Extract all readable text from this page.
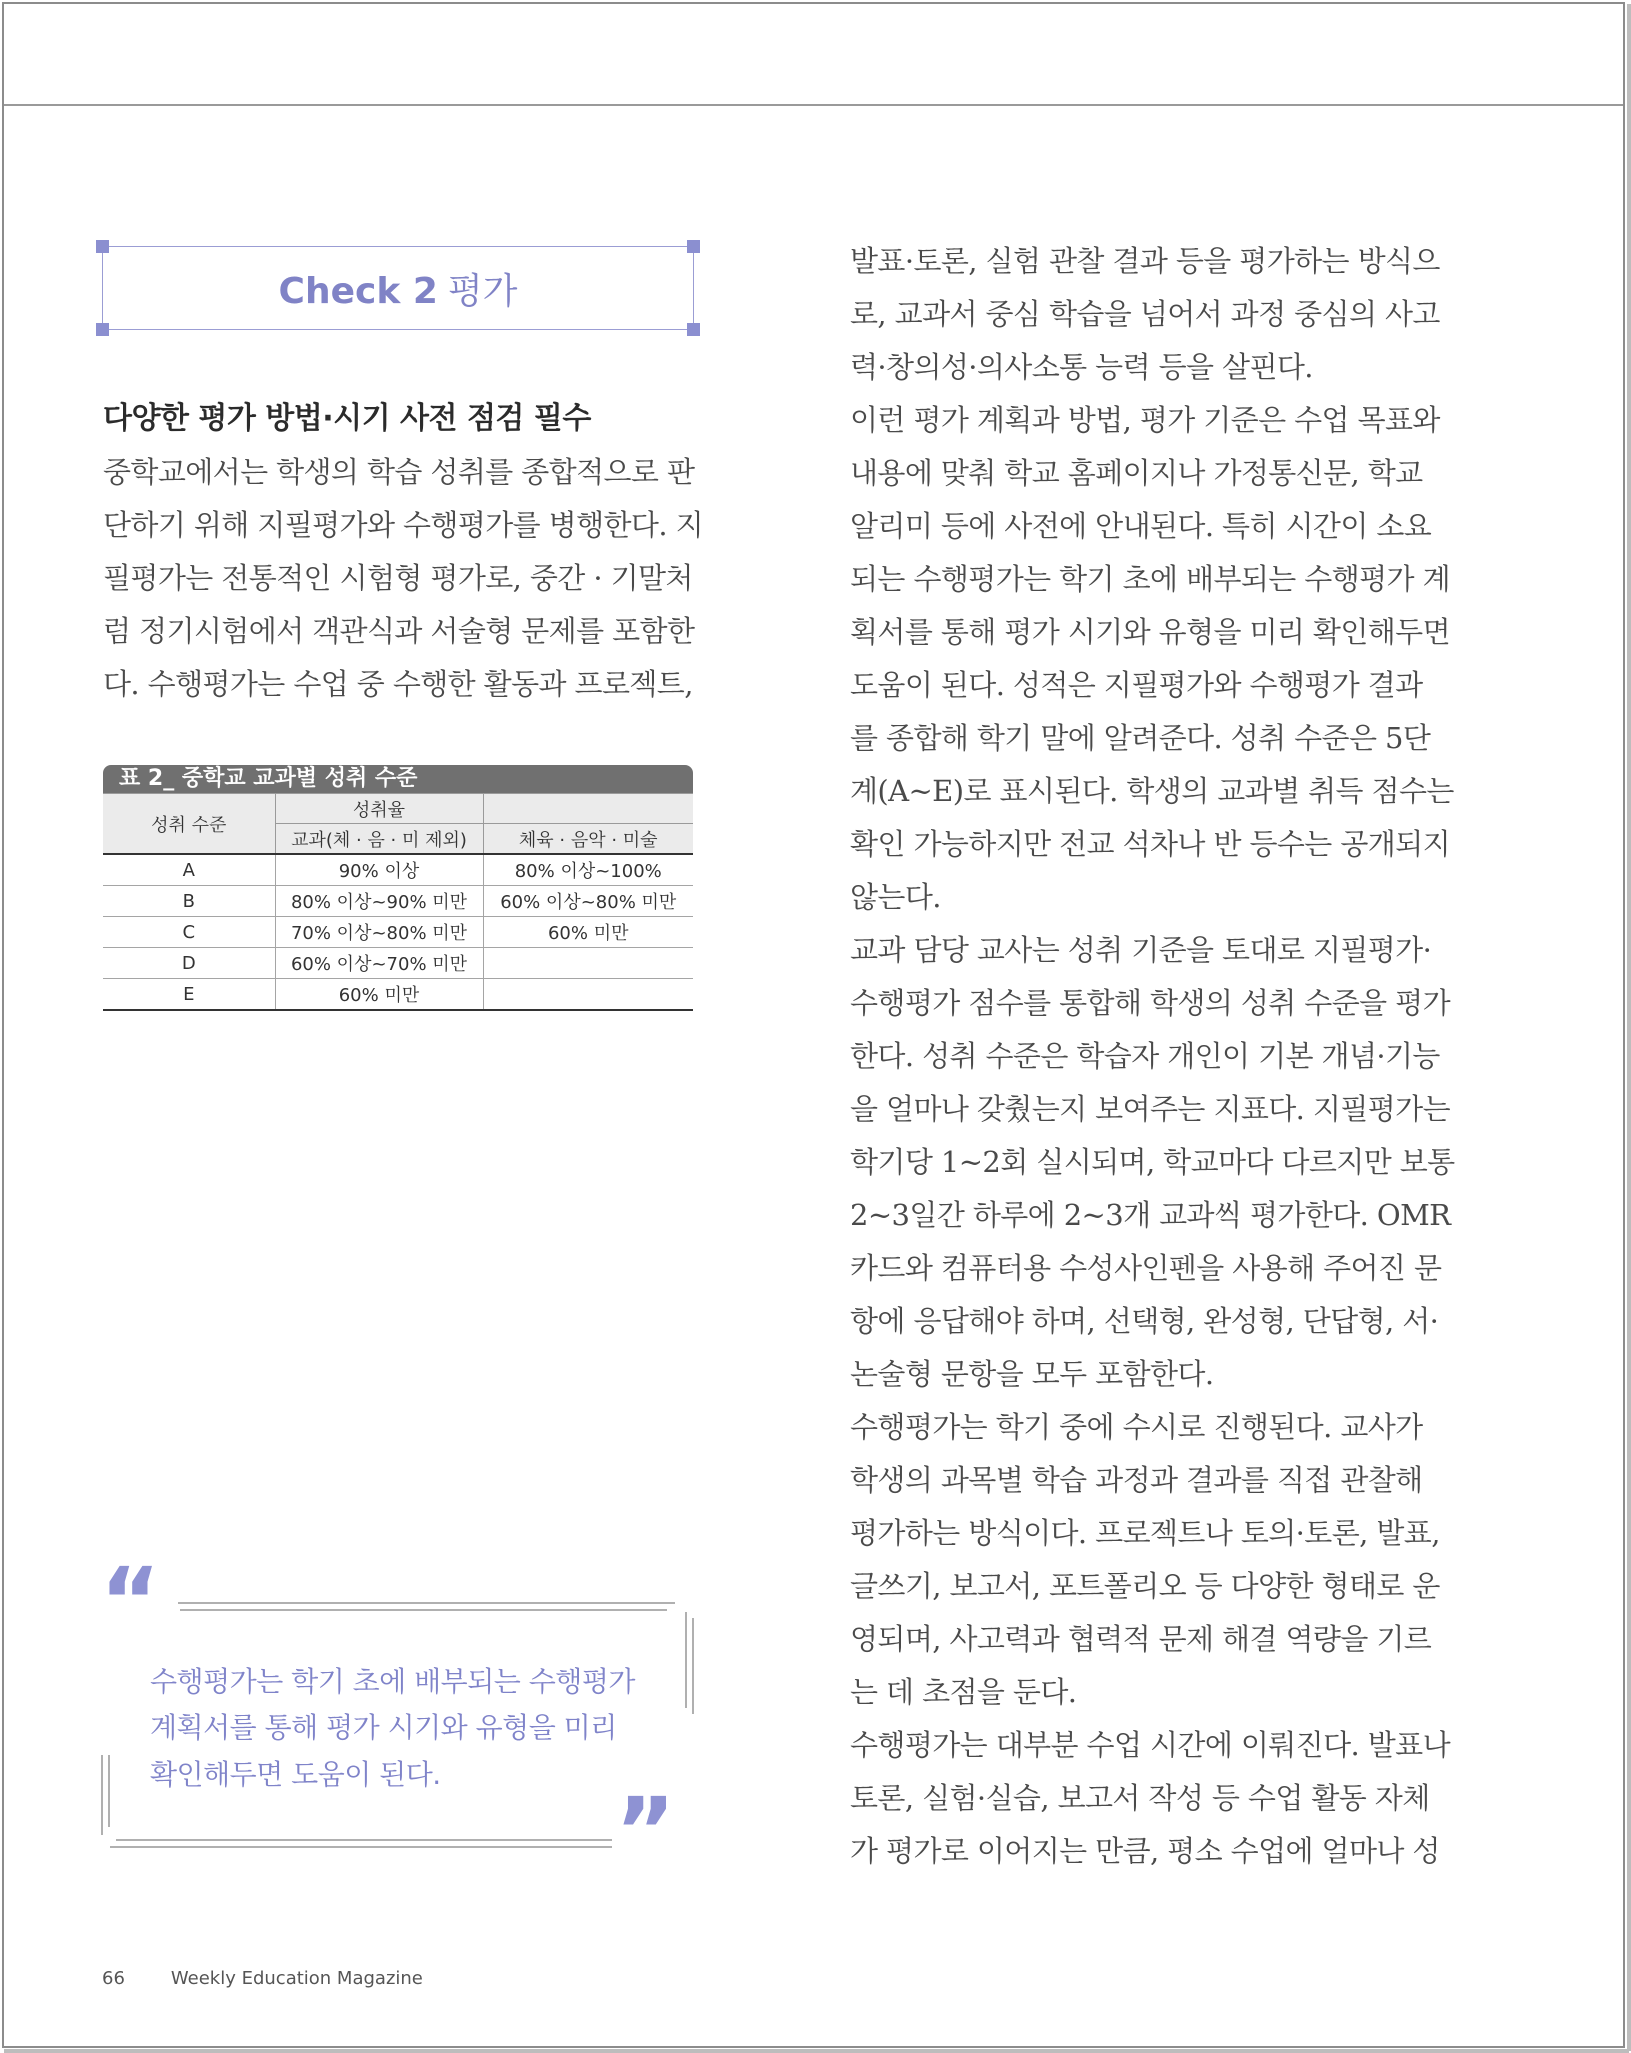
Check 2 평가
다양한 평가 방법·시기 사전 점검 필수
중학교에서는 학생의 학습 성취를 종합적으로 판
단하기 위해 지필평가와 수행평가를 병행한다. 지
필평가는 전통적인 시험형 평가로, 중간 · 기말처
럼 정기시험에서 객관식과 서술형 문제를 포함한
다. 수행평가는 수업 중 수행한 활동과 프로젝트,
표 2_ 중학교 교과별 성취 수준
성취 수준	성취율	
	교과(체 · 음 · 미 제외)	체육 · 음악 · 미술
A	90% 이상	80% 이상~100%
B	80% 이상~90% 미만	60% 이상~80% 미만
C	70% 이상~80% 미만	60% 미만
D	60% 이상~70% 미만	
E	60% 미만	
“
”
수행평가는 학기 초에 배부되는 수행평가
계획서를 통해 평가 시기와 유형을 미리
확인해두면 도움이 된다.
발표·토론, 실험 관찰 결과 등을 평가하는 방식으
로, 교과서 중심 학습을 넘어서 과정 중심의 사고
력·창의성·의사소통 능력 등을 살핀다.
이런 평가 계획과 방법, 평가 기준은 수업 목표와
내용에 맞춰 학교 홈페이지나 가정통신문, 학교
알리미 등에 사전에 안내된다. 특히 시간이 소요
되는 수행평가는 학기 초에 배부되는 수행평가 계
획서를 통해 평가 시기와 유형을 미리 확인해두면
도움이 된다. 성적은 지필평가와 수행평가 결과
를 종합해 학기 말에 알려준다. 성취 수준은 5단
계(A~E)로 표시된다. 학생의 교과별 취득 점수는
확인 가능하지만 전교 석차나 반 등수는 공개되지
않는다.
교과 담당 교사는 성취 기준을 토대로 지필평가·
수행평가 점수를 통합해 학생의 성취 수준을 평가
한다. 성취 수준은 학습자 개인이 기본 개념·기능
을 얼마나 갖췄는지 보여주는 지표다. 지필평가는
학기당 1~2회 실시되며, 학교마다 다르지만 보통
2~3일간 하루에 2~3개 교과씩 평가한다. OMR
카드와 컴퓨터용 수성사인펜을 사용해 주어진 문
항에 응답해야 하며, 선택형, 완성형, 단답형, 서·
논술형 문항을 모두 포함한다.
수행평가는 학기 중에 수시로 진행된다. 교사가
학생의 과목별 학습 과정과 결과를 직접 관찰해
평가하는 방식이다. 프로젝트나 토의·토론, 발표,
글쓰기, 보고서, 포트폴리오 등 다양한 형태로 운
영되며, 사고력과 협력적 문제 해결 역량을 기르
는 데 초점을 둔다.
수행평가는 대부분 수업 시간에 이뤄진다. 발표나
토론, 실험·실습, 보고서 작성 등 수업 활동 자체
가 평가로 이어지는 만큼, 평소 수업에 얼마나 성
66	Weekly Education Magazine
